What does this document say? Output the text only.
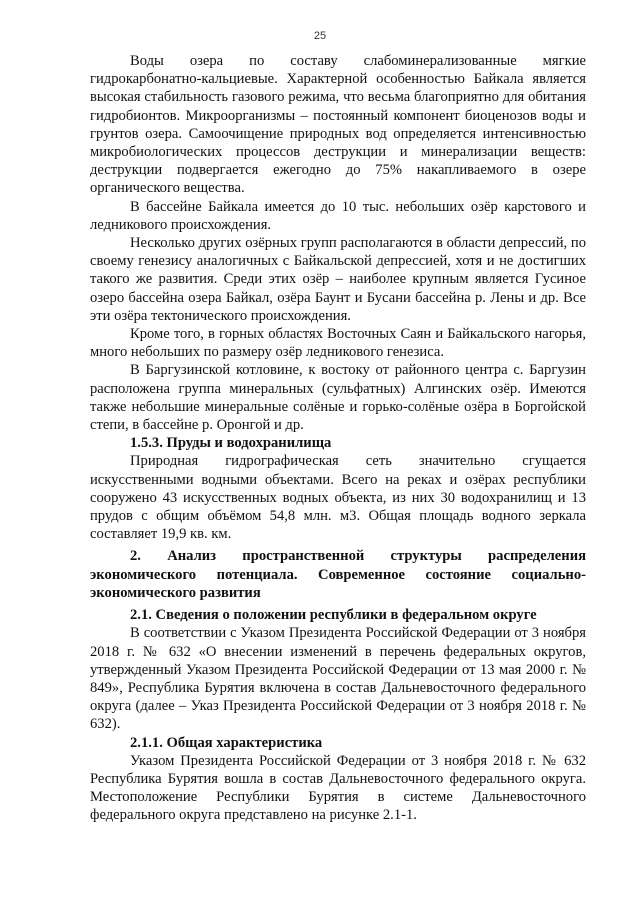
25

Воды озера по составу слабоминерализованные мягкие гидрокарбонатно-кальциевые. Характерной особенностью Байкала является высокая стабильность газового режима, что весьма благоприятно для обитания гидробионтов. Микроорганизмы – постоянный компонент биоценозов воды и грунтов озера. Самоочищение природных вод определяется интенсивностью микробиологических процессов деструкции и минерализации веществ: деструкции подвергается ежегодно до 75% накапливаемого в озере органического вещества.

В бассейне Байкала имеется до 10 тыс. небольших озёр карстового и ледникового происхождения.

Несколько других озёрных групп располагаются в области депрессий, по своему генезису аналогичных с Байкальской депрессией, хотя и не достигших такого же развития. Среди этих озёр – наиболее крупным является Гусиное озеро бассейна озера Байкал, озёра Баунт и Бусани бассейна р. Лены и др. Все эти озёра тектонического происхождения.

Кроме того, в горных областях Восточных Саян и Байкальского нагорья, много небольших по размеру озёр ледникового генезиса.

В Баргузинской котловине, к востоку от районного центра с. Баргузин расположена группа минеральных (сульфатных) Алгинских озёр. Имеются также небольшие минеральные солёные и горько-солёные озёра в Боргойской степи, в бассейне р. Оронгой и др.

1.5.3. Пруды и водохранилища

Природная гидрографическая сеть значительно сгущается искусственными водными объектами. Всего на реках и озёрах республики сооружено 43 искусственных водных объекта, из них 30 водохранилищ и 13 прудов с общим объёмом 54,8 млн. м3. Общая площадь водного зеркала составляет 19,9 кв. км.

2. Анализ пространственной структуры распределения экономического потенциала. Современное состояние социально-экономического развития

2.1. Сведения о положении республики в федеральном округе

В соответствии с Указом Президента Российской Федерации от 3 ноября 2018 г. № 632 «О внесении изменений в перечень федеральных округов, утвержденный Указом Президента Российской Федерации от 13 мая 2000 г. № 849», Республика Бурятия включена в состав Дальневосточного федерального округа (далее – Указ Президента Российской Федерации от 3 ноября 2018 г. № 632).

2.1.1. Общая характеристика

Указом Президента Российской Федерации от 3 ноября 2018 г. № 632 Республика Бурятия вошла в состав Дальневосточного федерального округа. Местоположение Республики Бурятия в системе Дальневосточного федерального округа представлено на рисунке 2.1-1.
